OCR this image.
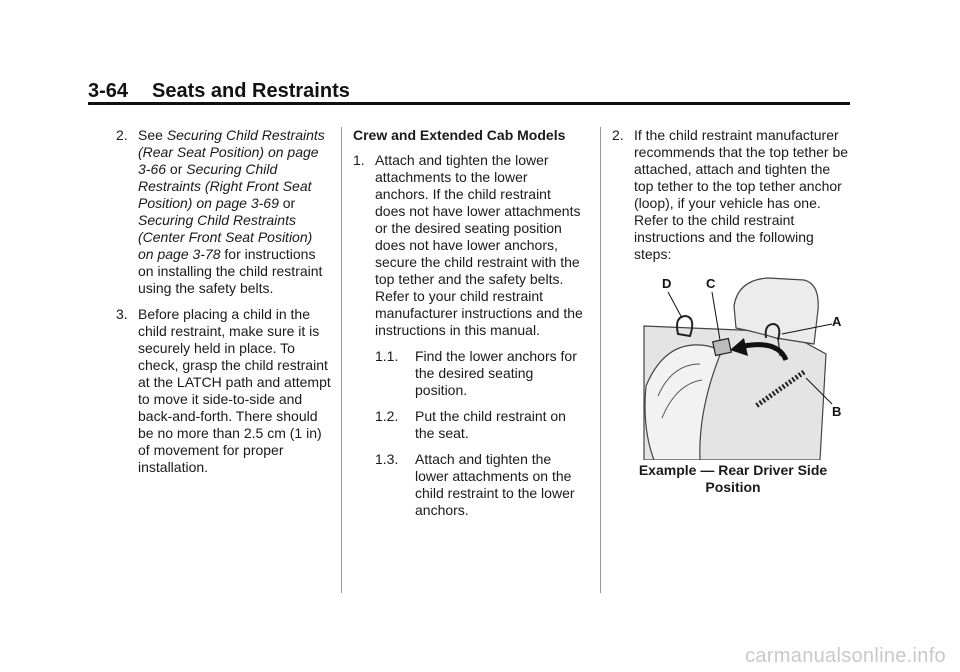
3-64 Seats and Restraints
2. See Securing Child Restraints (Rear Seat Position) on page 3-66 or Securing Child Restraints (Right Front Seat Position) on page 3-69 or Securing Child Restraints (Center Front Seat Position) on page 3-78 for instructions on installing the child restraint using the safety belts.
3. Before placing a child in the child restraint, make sure it is securely held in place. To check, grasp the child restraint at the LATCH path and attempt to move it side-to-side and back-and-forth. There should be no more than 2.5 cm (1 in) of movement for proper installation.
Crew and Extended Cab Models
1. Attach and tighten the lower attachments to the lower anchors. If the child restraint does not have lower attachments or the desired seating position does not have lower anchors, secure the child restraint with the top tether and the safety belts. Refer to your child restraint manufacturer instructions and the instructions in this manual.
1.1. Find the lower anchors for the desired seating position.
1.2. Put the child restraint on the seat.
1.3. Attach and tighten the lower attachments on the child restraint to the lower anchors.
2. If the child restraint manufacturer recommends that the top tether be attached, attach and tighten the top tether to the top tether anchor (loop), if your vehicle has one. Refer to the child restraint instructions and the following steps:
D	C
A
B
Example — Rear Driver Side Position
carmanualsonline.info
